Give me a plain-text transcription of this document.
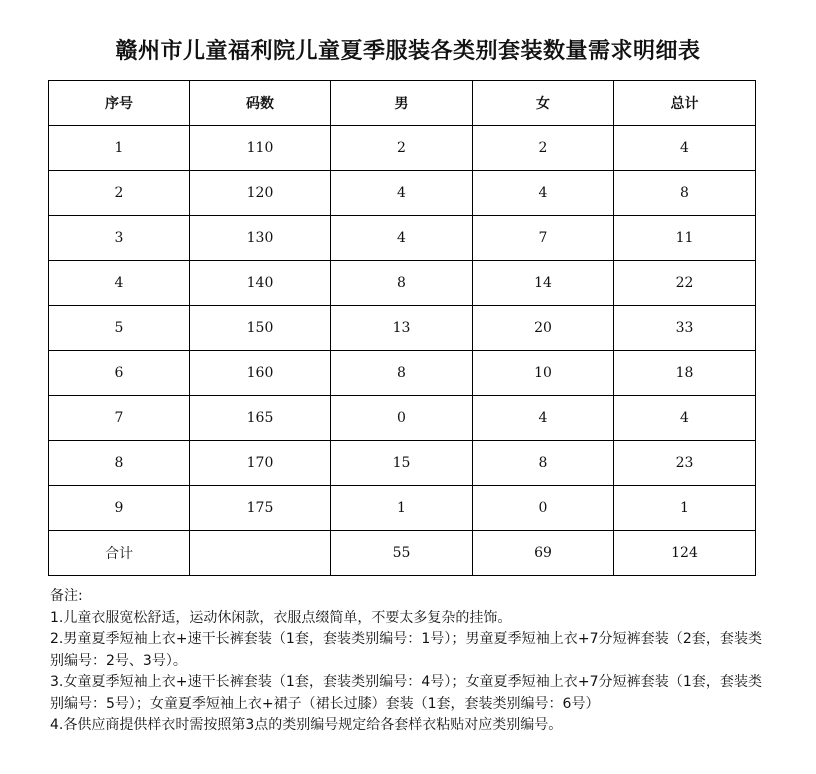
赣州市儿童福利院儿童夏季服装各类别套装数量需求明细表
序号	码数	男	女	总计
1	110	2	2	4
2	120	4	4	8
3	130	4	7	11
4	140	8	14	22
5	150	13	20	33
6	160	8	10	18
7	165	0	4	4
8	170	15	8	23
9	175	1	0	1
合计		55	69	124

备注:

1.儿童衣服宽松舒适，运动休闲款，衣服点缀简单，不要太多复杂的挂饰。

2.男童夏季短袖上衣+速干长裤套装（1套，套装类别编号：1号）；男童夏季短袖上衣+7分短裤套装（2套，套装类别编号：2号、3号）。

3.女童夏季短袖上衣+速干长裤套装（1套，套装类别编号：4号）；女童夏季短袖上衣+7分短裤套装（1套，套装类别编号：5号）；女童夏季短袖上衣+裙子（裙长过膝）套装（1套，套装类别编号：6号）

4.各供应商提供样衣时需按照第3点的类别编号规定给各套样衣粘贴对应类别编号。
